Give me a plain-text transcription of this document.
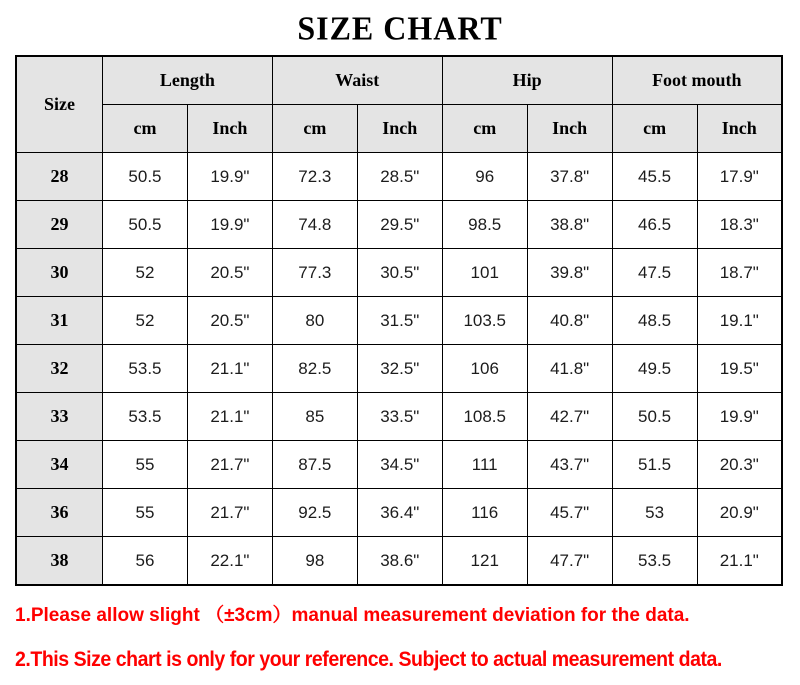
SIZE CHART
Size	Length		Waist		Hip		Foot mouth	
	cm	Inch	cm	Inch	cm	Inch	cm	Inch
28	50.5	19.9"	72.3	28.5"	96	37.8"	45.5	17.9"
29	50.5	19.9"	74.8	29.5"	98.5	38.8"	46.5	18.3"
30	52	20.5"	77.3	30.5"	101	39.8"	47.5	18.7"
31	52	20.5"	80	31.5"	103.5	40.8"	48.5	19.1"
32	53.5	21.1"	82.5	32.5"	106	41.8"	49.5	19.5"
33	53.5	21.1"	85	33.5"	108.5	42.7"	50.5	19.9"
34	55	21.7"	87.5	34.5"	111	43.7"	51.5	20.3"
36	55	21.7"	92.5	36.4"	116	45.7"	53	20.9"
38	56	22.1"	98	38.6"	121	47.7"	53.5	21.1"

1.Please allow slight （±3cm）manual measurement deviation for the data.

2.This Size chart is only for your reference. Subject to actual measurement data.
